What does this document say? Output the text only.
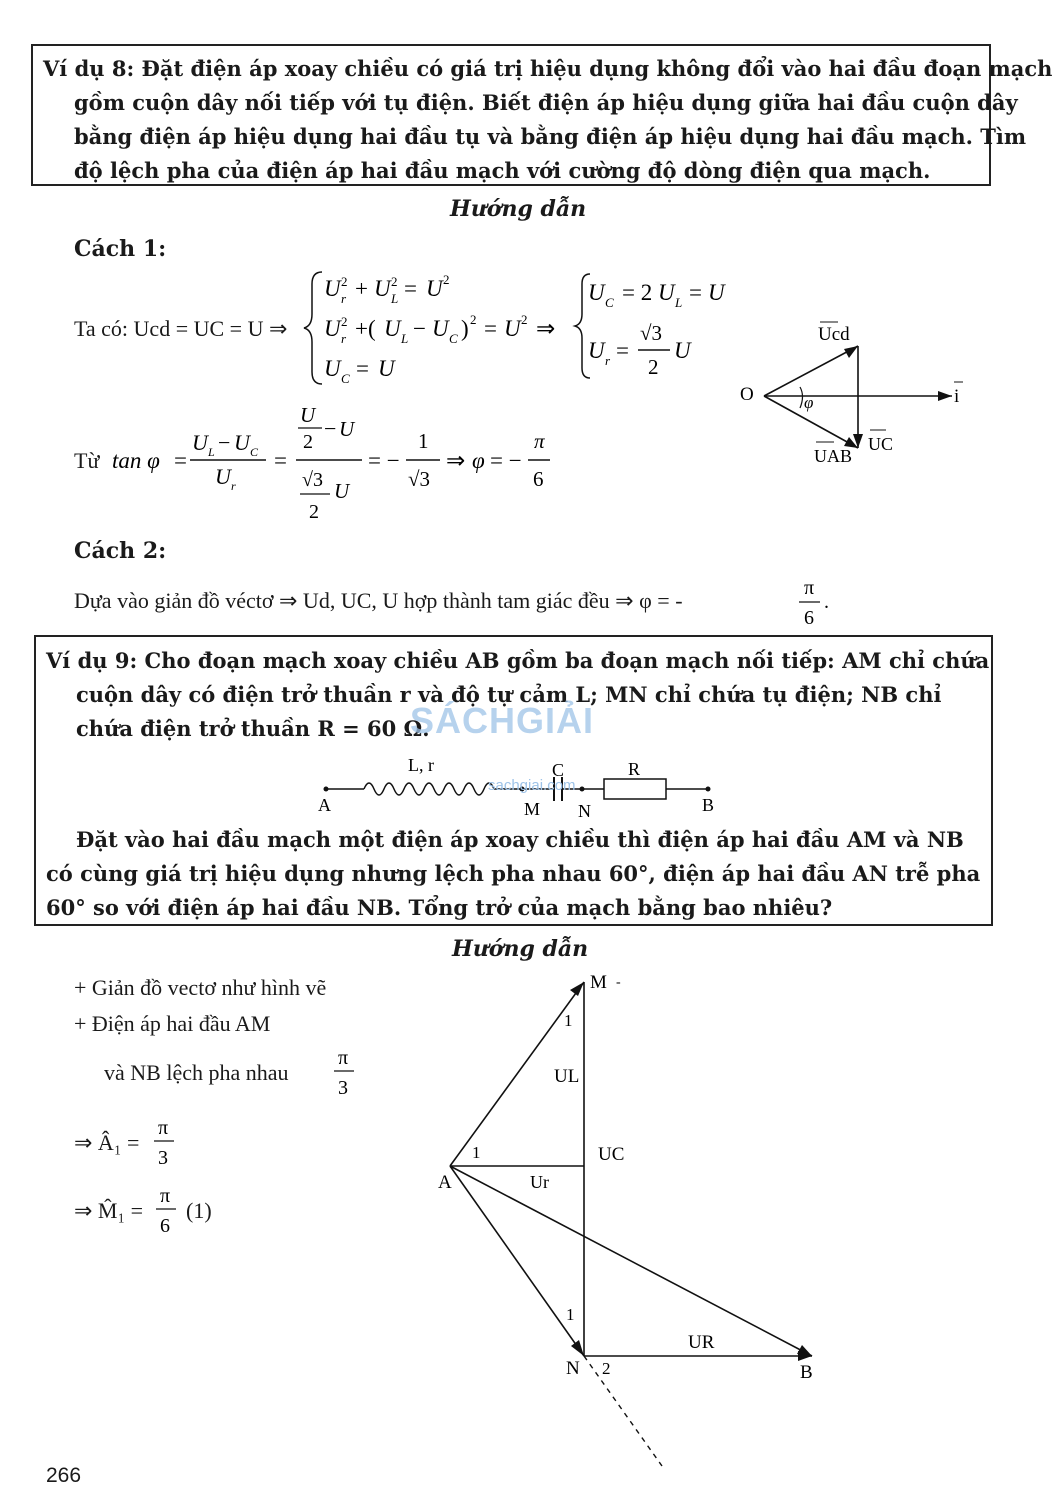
Ví dụ 8: Đặt điện áp xoay chiều có giá trị hiệu dụng không đổi vào hai đầu đoạn mạch

gồm cuộn dây nối tiếp với tụ điện. Biết điện áp hiệu dụng giữa hai đầu cuộn dây

bằng điện áp hiệu dụng hai đầu tụ và bằng điện áp hiệu dụng hai đầu mạch. Tìm

độ lệch pha của điện áp hai đầu mạch với cường độ dòng điện qua mạch.

Hướng dẫn
Cách 1:
Ta có: Ucd = UC = U ⇒
U r
2 + U L
2 = U 2
U r
2 +( U L − U C ) 2 = U 2 ⇒
U C = U
U C = 2 U L = U
U r =
√3
2
U
Từ tan φ =
U L − U C
U r
=
U
2
− U
√3
2
U
= −
1
√3
⇒ φ = −
π
6
O
Ucd
i
φ
UAB
UC
Cách 2:
Dựa vào giản đồ véctơ ⇒ Ud, UC, U hợp thành tam giác đều ⇒ φ = -	π
6
.

Ví dụ 9: Cho đoạn mạch xoay chiều AB gồm ba đoạn mạch nối tiếp: AM chỉ chứa

cuộn dây có điện trở thuần r và độ tự cảm L; MN chỉ chứa tụ điện; NB chỉ

chứa điện trở thuần R = 60 Ω.

A
L, r	C	R
M N	B

Đặt vào hai đầu mạch một điện áp xoay chiều thì điện áp hai đầu AM và NB

có cùng giá trị hiệu dụng nhưng lệch pha nhau 60°, điện áp hai đầu AN trễ pha

60° so với điện áp hai đầu NB. Tổng trở của mạch bằng bao nhiêu?

SÁCHGIẢI
sachgiai.com
Hướng dẫn
+ Giản đồ vectơ như hình vẽ
+ Điện áp hai đầu AM
và NB lệch pha nhau
π
3
⇒ Â₁ =
π
3
⇒ M̂₁ =
π
6
(1)
M -
A
N	B
UL
UC
Ur
UR
1
1
1
2
266
